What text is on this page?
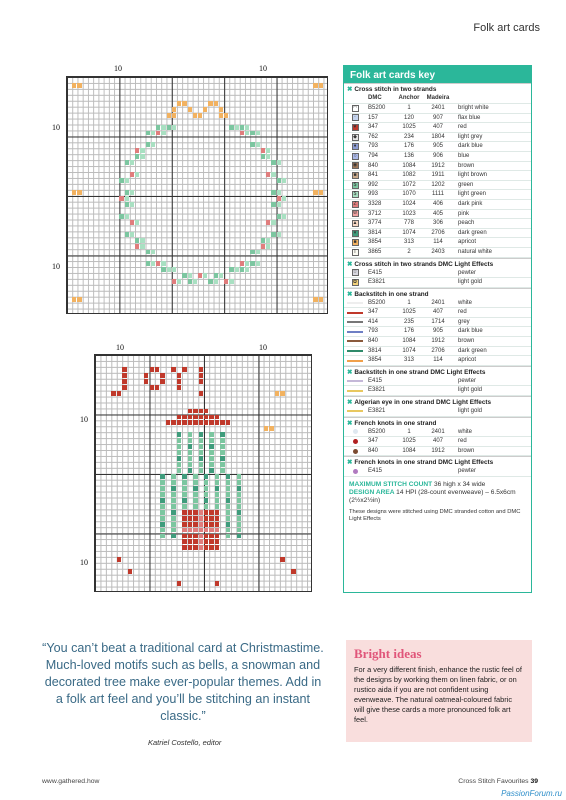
Folk art cards
10	10
10
10
10	10
10
10
Folk art cards key
✖ Cross stitch in two strands
DMC	Anchor	Madeira
◠	B5200	1	2401	bright white
·	157	120	907	flax blue
♥	347	1025	407	red
◆	762	234	1804	light grey
♦	793	176	905	dark blue
○	794	136	906	blue
◉	840	1084	1912	brown
■	841	1082	1911	light brown
$	992	1072	1202	green
$	993	1070	1111	light green
Z	3328	1024	406	dark pink
w	3712	1023	405	pink
▲	3774	778	306	peach
▾	3814	1074	2706	dark green
■	3854	313	114	apricot
I	3865	2	2403	natural white
✖ Cross stitch in two strands DMC Light Effects
☆	E415	pewter
✿	E3821	light gold
✖ Backstitch in one strand
B5200	1	2401	white
347	1025	407	red
414	235	1714	grey
793	176	905	dark blue
840	1084	1912	brown
3814	1074	2706	dark green
3854	313	114	apricot
✖ Backstitch in one strand DMC Light Effects
E415	pewter
E3821	light gold
✖ Algerian eye in one strand DMC Light Effects
E3821	light gold
✖ French knots in one strand
B5200	1	2401	white
347	1025	407	red
840	1084	1912	brown
✖ French knots in one strand DMC Light Effects
E415	pewter
MAXIMUM STITCH COUNT 36 high x 34 wide
DESIGN AREA 14 HPI (28-count evenweave) – 6.5x6cm (2½x2½in)
These designs were stitched using DMC stranded cotton and DMC Light Effects
“You can’t beat a traditional card at Christmastime. Much-loved motifs such as bells, a snowman and decorated tree make ever-popular themes. Add in a folk art feel and you’ll be stitching an instant classic.”
Katriel Costello, editor
Bright ideas
For a very different finish, enhance the rustic feel of the designs by working them on linen fabric, or on rustico aida if you are not confident using evenweave. The natural oatmeal-coloured fabric will give these cards a more pronounced folk art feel.
www.gathered.how	Cross Stitch Favourites 39
PassionForum.ru
